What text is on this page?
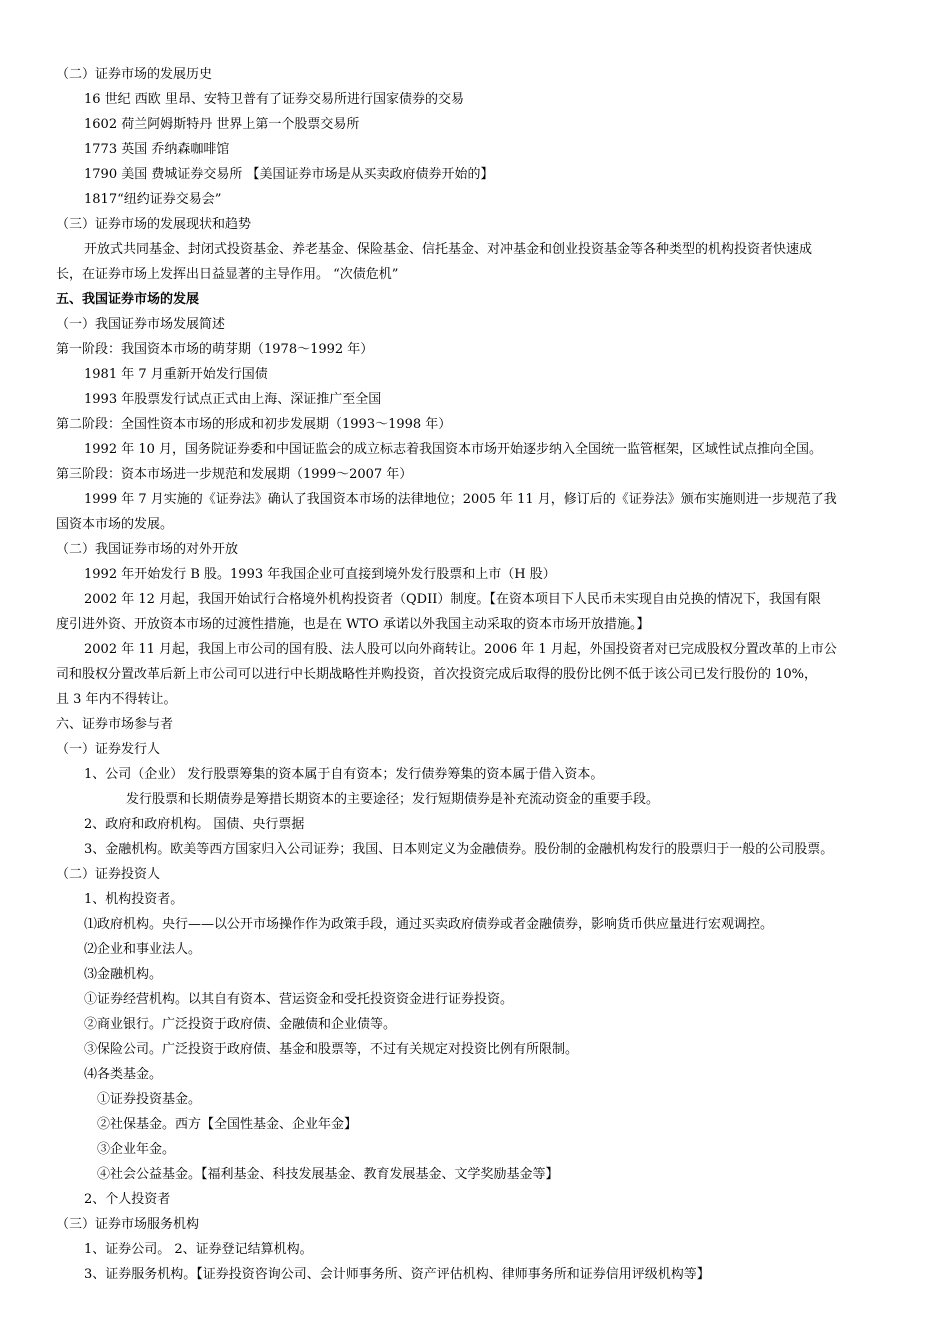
（二）证券市场的发展历史
16 世纪 西欧 里昂、安特卫普有了证券交易所进行国家债券的交易
1602 荷兰阿姆斯特丹 世界上第一个股票交易所
1773 英国 乔纳森咖啡馆
1790 美国 费城证券交易所 【美国证券市场是从买卖政府债券开始的】
1817“纽约证券交易会”
（三）证券市场的发展现状和趋势
开放式共同基金、封闭式投资基金、养老基金、保险基金、信托基金、对冲基金和创业投资基金等各种类型的机构投资者快速成
长，在证券市场上发挥出日益显著的主导作用。 “次债危机”
五、我国证券市场的发展
（一）我国证券市场发展简述
第一阶段：我国资本市场的萌芽期（1978～1992 年）
1981 年 7 月重新开始发行国债
1993 年股票发行试点正式由上海、深证推广至全国
第二阶段：全国性资本市场的形成和初步发展期（1993～1998 年）
1992 年 10 月，国务院证券委和中国证监会的成立标志着我国资本市场开始逐步纳入全国统一监管框架，区域性试点推向全国。
第三阶段：资本市场进一步规范和发展期（1999～2007 年）
1999 年 7 月实施的《证券法》确认了我国资本市场的法律地位；2005 年 11 月，修订后的《证券法》颁布实施则进一步规范了我
国资本市场的发展。
（二）我国证券市场的对外开放
1992 年开始发行 B 股。1993 年我国企业可直接到境外发行股票和上市（H 股）
2002 年 12 月起，我国开始试行合格境外机构投资者（QDII）制度。【在资本项目下人民币未实现自由兑换的情况下，我国有限
度引进外资、开放资本市场的过渡性措施，也是在 WTO 承诺以外我国主动采取的资本市场开放措施。】
2002 年 11 月起，我国上市公司的国有股、法人股可以向外商转让。2006 年 1 月起，外国投资者对已完成股权分置改革的上市公
司和股权分置改革后新上市公司可以进行中长期战略性并购投资，首次投资完成后取得的股份比例不低于该公司已发行股份的 10%，
且 3 年内不得转让。
六、证券市场参与者
（一）证券发行人
1、公司（企业） 发行股票筹集的资本属于自有资本；发行债券筹集的资本属于借入资本。
发行股票和长期债券是筹措长期资本的主要途径；发行短期债券是补充流动资金的重要手段。
2、政府和政府机构。 国债、央行票据
3、金融机构。欧美等西方国家归入公司证券；我国、日本则定义为金融债券。股份制的金融机构发行的股票归于一般的公司股票。
（二）证券投资人
1、机构投资者。
⑴政府机构。央行——以公开市场操作作为政策手段，通过买卖政府债券或者金融债券，影响货币供应量进行宏观调控。
⑵企业和事业法人。
⑶金融机构。
①证券经营机构。以其自有资本、营运资金和受托投资资金进行证券投资。
②商业银行。广泛投资于政府债、金融债和企业债等。
③保险公司。广泛投资于政府债、基金和股票等，不过有关规定对投资比例有所限制。
⑷各类基金。
①证券投资基金。
②社保基金。西方【全国性基金、企业年金】
③企业年金。
④社会公益基金。【福利基金、科技发展基金、教育发展基金、文学奖励基金等】
2、个人投资者
（三）证券市场服务机构
1、证券公司。 2、证券登记结算机构。
3、证券服务机构。【证券投资咨询公司、会计师事务所、资产评估机构、律师事务所和证券信用评级机构等】
